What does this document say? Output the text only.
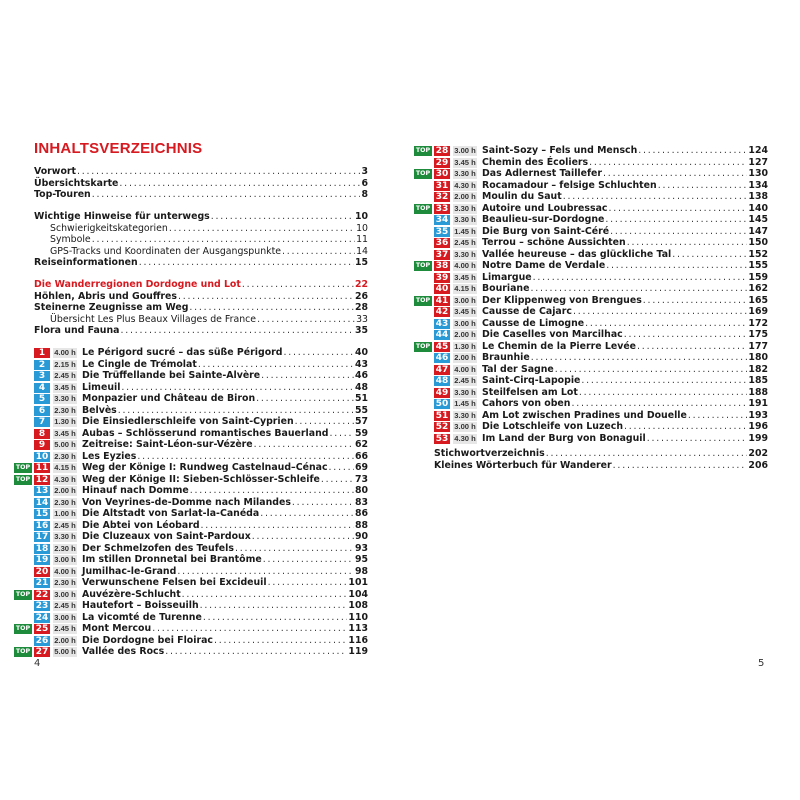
INHALTSVERZEICHNIS
Vorwort . . .	3
Übersichtskarte . . .	6
Top-Touren . . .	8
Wichtige Hinweise für unterwegs . . .	10
Schwierigkeitskategorien . . .	10
Symbole . . .	11
GPS-Tracks und Koordinaten der Ausgangspunkte . . .	14
Reiseinformationen . . .	15
Die Wanderregionen Dordogne und Lot . . .	22
Höhlen, Abris und Gouffres . . .	26
Steinerne Zeugnisse am Weg . . .	28
Übersicht Les Plus Beaux Villages de France . . .	33
Flora und Fauna . . .	35
1	4.00 h Le Périgord sucré – das süße Périgord . . .	40
2	2.15 h Le Cingle de Trémolat . . .	43
3	2.45 h Die Trüffellande bei Sainte-Alvère . . .	46
4	3.45 h Limeuil . . .	48
5	3.30 h Monpazier und Château de Biron . . .	51
6	2.30 h Belvès . . .	55
7	1.30 h Die Einsiedlerschleife von Saint-Cyprien . . .	57
8	3.45 h Aubas – Schlösserund romantisches Bauerland . . .	59
9	5.00 h Zeitreise: Saint-Léon-sur-Vézère . . .	62
10 2.30 h Les Eyzies . . .	66
TOP 11 4.15 h Weg der Könige I: Rundweg Castelnaud–Cénac . . .	69
TOP 12 4.30 h Weg der Könige II: Sieben-Schlösser-Schleife . . .	73
13 2.00 h Hinauf nach Domme . . .	80
14 2.30 h Von Veyrines-de-Domme nach Milandes . . .	83
15 1.00 h Die Altstadt von Sarlat-la-Canéda . . .	86
16 2.45 h Die Abtei von Léobard . . .	88
17 3.30 h Die Cluzeaux von Saint-Pardoux . . .	90
18 2.30 h Der Schmelzofen des Teufels . . .	93
19 3.00 h Im stillen Dronnetal bei Brantôme . . .	95
20 4.00 h Jumilhac-le-Grand . . .	98
21 2.30 h Verwunschene Felsen bei Excideuil . . .	101
TOP 22 3.00 h Auvézère-Schlucht . . .	104
23 2.45 h Hautefort – Boisseuilh . . .	108
24 3.00 h La vicomté de Turenne . . .	110
TOP 25 2.45 h Mont Mercou . . .	113
26 2.00 h Die Dordogne bei Floirac . . .	116
TOP 27 5.00 h Vallée des Rocs . . .	119
4
TOP 28 3.00 h Saint-Sozy – Fels und Mensch . . .	124
29 3.45 h Chemin des Écoliers . . .	127
TOP 30 3.30 h Das Adlernest Taillefer . . .	130
31 4.30 h Rocamadour – felsige Schluchten . . .	134
32 2.00 h Moulin du Saut . . .	138
TOP 33 3.30 h Autoire und Loubressac . . .	140
34 3.30 h Beaulieu-sur-Dordogne . . .	145
35 1.45 h Die Burg von Saint-Céré . . .	147
36 2.45 h Terrou – schöne Aussichten . . .	150
37 3.30 h Vallée heureuse – das glückliche Tal . . .	152
TOP 38 4.00 h Notre Dame de Verdale . . .	155
39 3.45 h Limargue . . .	159
40 4.15 h Bouriane . . .	162
TOP 41 3.00 h Der Klippenweg von Brengues . . .	165
42 3.45 h Causse de Cajarc . . .	169
43 3.00 h Causse de Limogne . . .	172
44 2.00 h Die Caselles von Marcilhac . . .	175
TOP 45 1.30 h Le Chemin de la Pierre Levée . . .	177
46 2.00 h Braunhie . . .	180
47 4.00 h Tal der Sagne . . .	182
48 2.45 h Saint-Cirq-Lapopie . . .	185
49 3.30 h Steilfelsen am Lot . . .	188
50 1.45 h Cahors von oben . . .	191
51 3.30 h Am Lot zwischen Pradines und Douelle . . .	193
52 3.00 h Die Lotschleife von Luzech . . .	196
53 4.30 h Im Land der Burg von Bonaguil . . .	199
Stichwortverzeichnis . . .	202
Kleines Wörterbuch für Wanderer . . .	206
5
